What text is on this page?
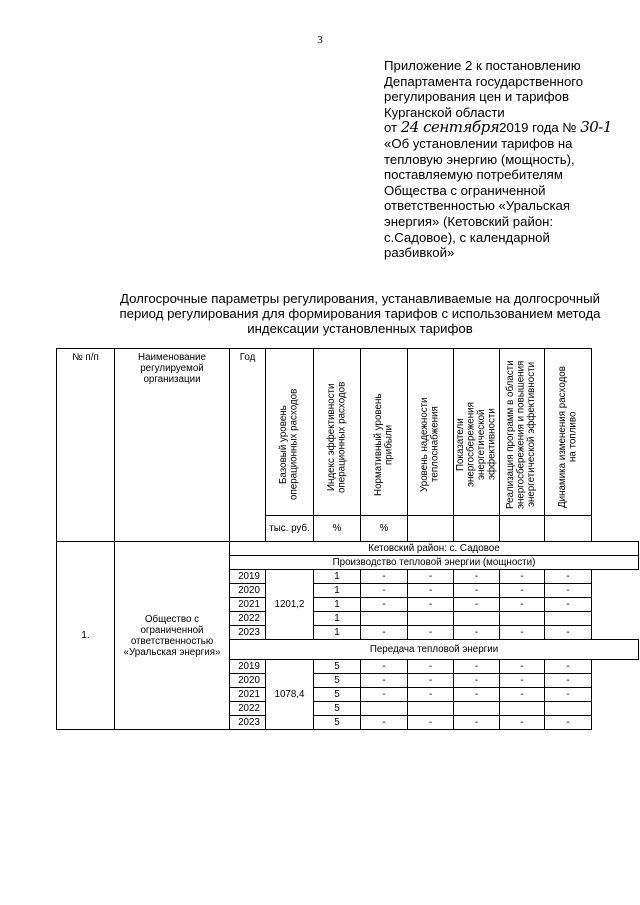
3
Приложение 2 к постановлению
Департамента государственного
регулирования цен и тарифов
Курганской области
от 24 сентября2019 года № 30-1
«Об установлении тарифов на
тепловую энергию (мощность),
поставляемую потребителям
Общества с ограниченной
ответственностью «Уральская
энергия» (Кетовский район:
с.Садовое), с календарной
разбивкой»
Долгосрочные параметры регулирования, устанавливаемые на долгосрочный
период регулирования для формирования тарифов с использованием метода
индексации установленных тарифов
№ п/п	Наименование регулируемой организации	Год	Базовый уровень операционных расходов	Индекс эффективности операционных расходов	Нормативный уровень прибыли	Уровень надежности теплоснабжения	Показатели энергосбережения энергетической эффективности	Реализация программ в области энергосбережения и повышения энергетической эффективности	Динамика изменения расходов на топливо
			тыс. руб.	%	%				
1.	Общество с ограниченной ответственностью «Уральская энергия»	Кетовский район: с. Садовое							
		Производство тепловой энергии (мощности)							
		2019	1201,2	1	-	-	-	-	-
		2020		1	-	-	-	-	-
		2021		1	-	-	-	-	-
		2022		1					
		2023		1	-	-	-	-	-
		Передача тепловой энергии							
		2019	1078,4	5	-	-	-	-	-
		2020		5	-	-	-	-	-
		2021		5	-	-	-	-	-
		2022		5					
		2023		5	-	-	-	-	-
